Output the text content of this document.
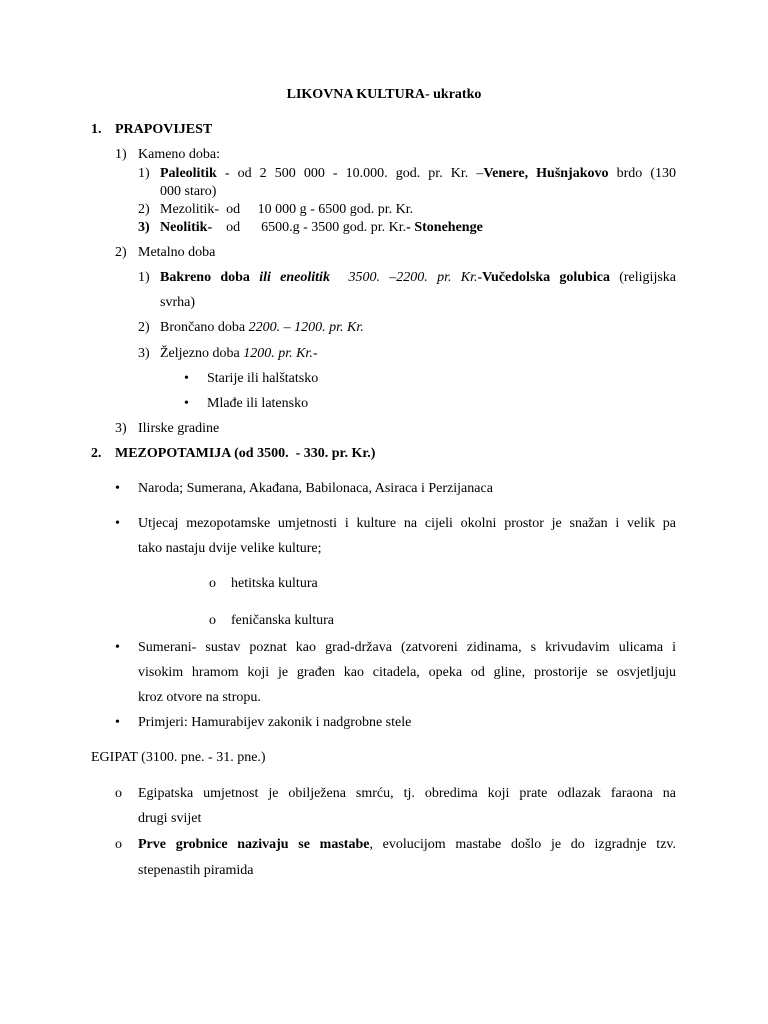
LIKOVNA KULTURA- ukratko
1. PRAPOVIJEST
1) Kameno doba:
1) Paleolitik - od 2 500 000 - 10.000. god. pr. Kr. –Venere, Hušnjakovo brdo (130
000 staro)
2) Mezolitik-  od     10 000 g - 6500 god. pr. Kr.
3) Neolitik-    od      6500.g - 3500 god. pr. Kr.- Stonehenge
2) Metalno doba
1) Bakreno doba ili eneolitik  3500. –2200. pr. Kr.-Vučedolska golubica (religijska
svrha)
2) Brončano doba 2200. – 1200. pr. Kr.
3) Željezno doba 1200. pr. Kr.-
• Starije ili halštatsko
• Mlađe ili latensko
3) Ilirske gradine
2. MEZOPOTAMIJA (od 3500.  - 330. pr. Kr.)
• Naroda; Sumerana, Akađana, Babilonaca, Asiraca i Perzijanaca
• Utjecaj mezopotamske umjetnosti i kulture na cijeli okolni prostor je snažan i velik pa
tako nastaju dvije velike kulture;
o hetitska kultura
o feničanska kultura
• Sumerani- sustav poznat kao grad-država (zatvoreni zidinama, s krivudavim ulicama i
visokim hramom koji je građen kao citadela, opeka od gline, prostorije se osvjetljuju
kroz otvore na stropu.
• Primjeri: Hamurabijev zakonik i nadgrobne stele
EGIPAT (3100. pne. - 31. pne.)
o Egipatska umjetnost je obilježena smrću, tj. obredima koji prate odlazak faraona na
drugi svijet
o Prve grobnice nazivaju se mastabe, evolucijom mastabe došlo je do izgradnje tzv.
stepenastih piramida
